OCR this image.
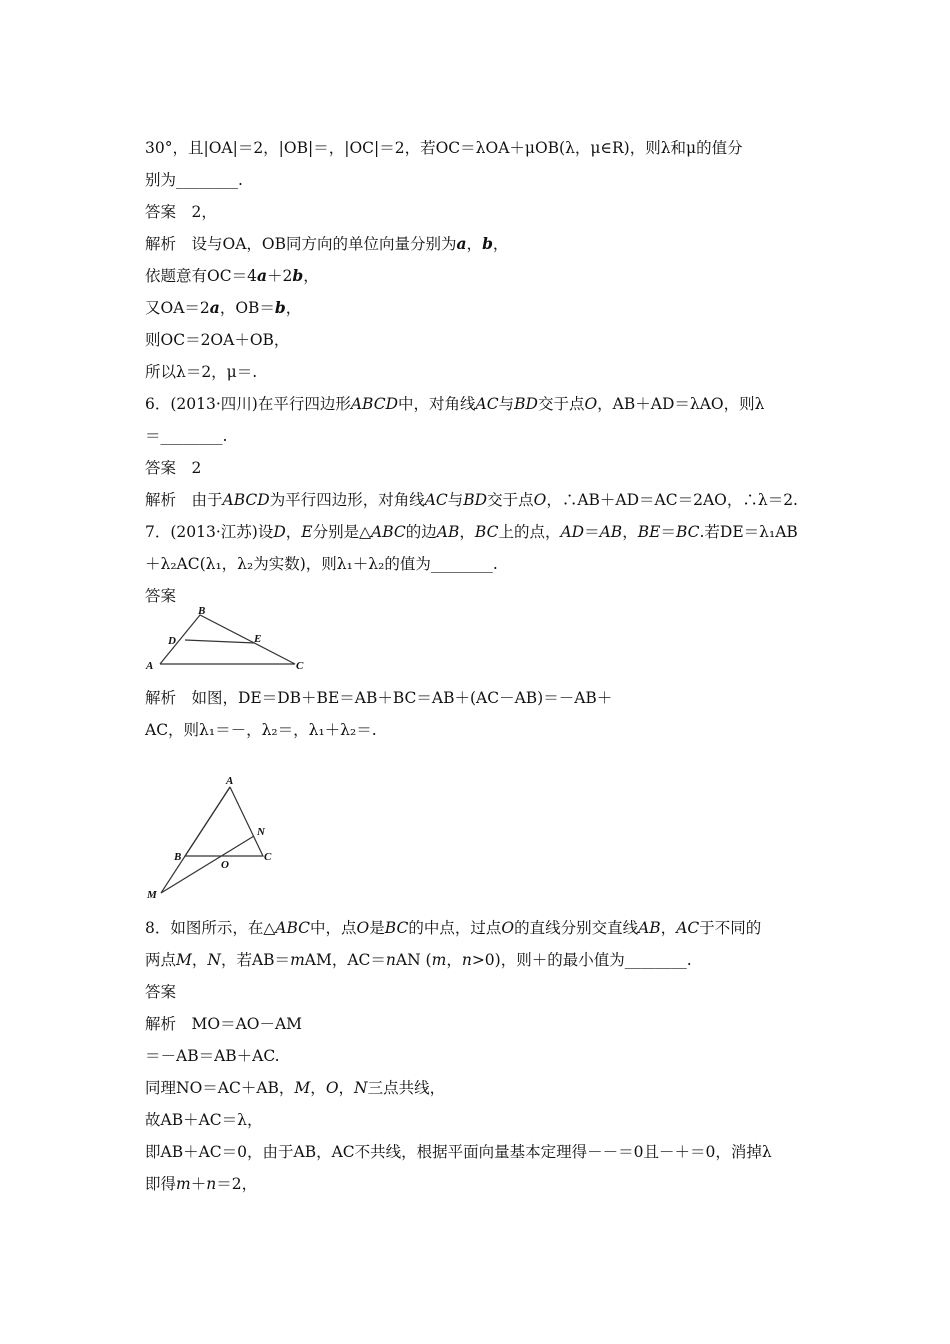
30°，且|OA|＝2，|OB|＝，|OC|＝2，若OC＝λOA＋μOB(λ，μ∈R)，则λ和μ的值分
别为________.
答案　2，
解析　设与OA，OB同方向的单位向量分别为a，b，
依题意有OC＝4a＋2b，
又OA＝2a，OB＝b，
则OC＝2OA＋OB，
所以λ＝2，μ＝.
6．(2013·四川)在平行四边形ABCD中，对角线AC与BD交于点O，AB＋AD＝λAO，则λ
＝________.
答案　2
解析　由于ABCD为平行四边形，对角线AC与BD交于点O，∴AB＋AD＝AC＝2AO，∴λ＝2.
7．(2013·江苏)设D，E分别是△ABC的边AB，BC上的点，AD＝AB，BE＝BC.若DE＝λ₁AB
＋λ₂AC(λ₁，λ₂为实数)，则λ₁＋λ₂的值为________.
答案
B
D	E
A	C
解析　如图，DE＝DB＋BE＝AB＋BC＝AB＋(AC－AB)＝－AB＋
AC，则λ₁＝－，λ₂＝，λ₁＋λ₂＝.
A
N
B
O
C
M
8．如图所示，在△ABC中，点O是BC的中点，过点O的直线分别交直线AB，AC于不同的
两点M，N，若AB＝mAM，AC＝nAN (m，n>0)，则＋的最小值为________.
答案
解析　MO＝AO－AM
＝－AB＝AB＋AC.
同理NO＝AC＋AB，M，O，N三点共线，
故AB＋AC＝λ，
即AB＋AC＝0，由于AB，AC不共线，根据平面向量基本定理得－－＝0且－＋＝0，消掉λ
即得m＋n＝2，
